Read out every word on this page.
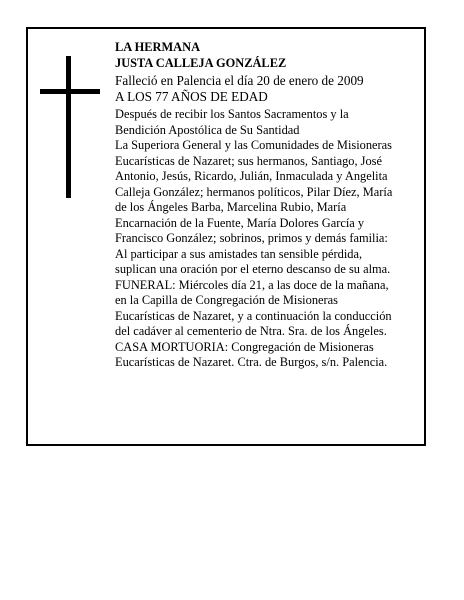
LA HERMANA
JUSTA CALLEJA GONZÁLEZ
Falleció en Palencia el día 20 de enero de 2009
A LOS 77 AÑOS DE EDAD
Después de recibir los Santos Sacramentos y la
Bendición Apostólica de Su Santidad
La Superiora General y las Comunidades de Misioneras
Eucarísticas de Nazaret; sus hermanos, Santiago, José
Antonio, Jesús, Ricardo, Julián, Inmaculada y Angelita
Calleja González; hermanos políticos, Pilar Díez, María
de los Ángeles Barba, Marcelina Rubio, María
Encarnación de la Fuente, María Dolores García y
Francisco González; sobrinos, primos y demás familia:
Al participar a sus amistades tan sensible pérdida,
suplican una oración por el eterno descanso de su alma.
FUNERAL: Miércoles día 21, a las doce de la mañana,
en la Capilla de Congregación de Misioneras
Eucarísticas de Nazaret, y a continuación la conducción
del cadáver al cementerio de Ntra. Sra. de los Ángeles.
CASA MORTUORIA: Congregación de Misioneras
Eucarísticas de Nazaret. Ctra. de Burgos, s/n. Palencia.
